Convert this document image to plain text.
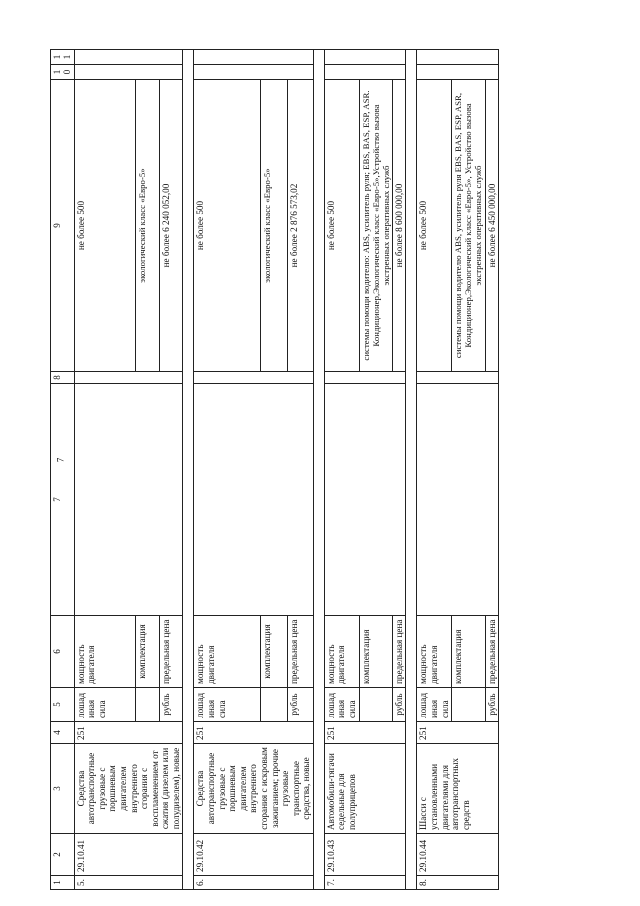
7
1	2	3	4	5	6	7	8	9	10	11
5.	29.10.41	Средства автотранспортные грузовые с поршневым двигателем внутреннего сгорания с воспламенением от сжатия (дизелем или полудизелем), новые	251	лошадиная сила	мощность двигателя			не более 500		
					комплектация			экологический класс «Евро-5»		
				рубль	предельная цена			не более 6 240 052,00		

6.	29.10.42	Средства автотранспортные грузовые с поршневым двигателем внутреннего сгорания с искровым зажиганием; прочие грузовые транспортные средства, новые	251	лошадиная сила	мощность двигателя			не более 500		
					комплектация			экологический класс «Евро-5»		
				рубль	предельная цена			не более 2 876 573,02		

7.	29.10.43	Автомобили-тягачи седельные для полуприцепов	251	лошадиная сила	мощность двигателя			не более 500		
					комплектация			системы помощи водителю: ABS, усилитель руля; EBS, BAS, ESP, ASR. Кондиционер,Экологический класс «Евро-5»,Устройство вызова экстренных оперативных служб		
				рубль	предельная цена			не более 8 600 000,00		

8.	29.10.44	Шасси с установленными двигателями для автотранспортных средств	251	лошадиная сила	мощность двигателя			не более 500		
					комплектация			системы помощи водителю ABS, усилитель руля EBS, BAS, ESP, ASR, Кондиционер,Экологический класс «Евро-5», Устройство вызова экстренных оперативных служб		
				рубль	предельная цена			не более 6 450 000,00		
